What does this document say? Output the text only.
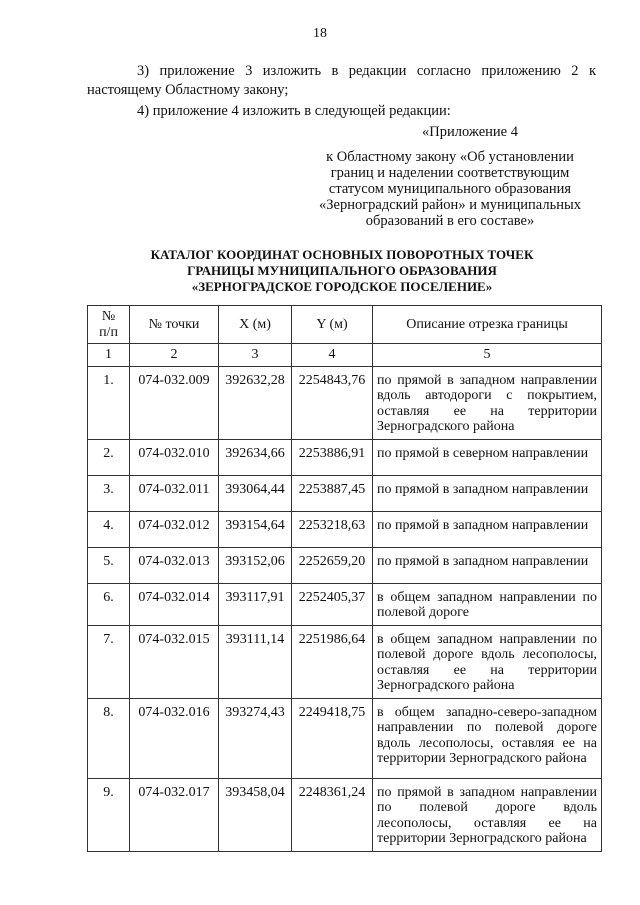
18
3) приложение 3 изложить в редакции согласно приложению 2 к настоящему Областному закону;
4) приложение 4 изложить в следующей редакции:
«Приложение 4
к Областному закону «Об установлении
границ и наделении соответствующим
статусом муниципального образования
«Зерноградский район» и муниципальных
образований в его составе»
КАТАЛОГ КООРДИНАТ ОСНОВНЫХ ПОВОРОТНЫХ ТОЧЕК
ГРАНИЦЫ МУНИЦИПАЛЬНОГО ОБРАЗОВАНИЯ
«ЗЕРНОГРАДСКОЕ ГОРОДСКОЕ ПОСЕЛЕНИЕ»
№
п/п	№ точки	X (м)	Y (м)	Описание отрезка границы
1	2	3	4	5
1.	074-032.009	392632,28	2254843,76	по прямой в западном направлении вдоль автодороги с покрытием, оставляя ее на территории Зерноградского района
2.	074-032.010	392634,66	2253886,91	по прямой в северном направлении
3.	074-032.011	393064,44	2253887,45	по прямой в западном направлении
4.	074-032.012	393154,64	2253218,63	по прямой в западном направлении
5.	074-032.013	393152,06	2252659,20	по прямой в западном направлении
6.	074-032.014	393117,91	2252405,37	в общем западном направлении по полевой дороге
7.	074-032.015	393111,14	2251986,64	в общем западном направлении по полевой дороге вдоль лесополосы, оставляя ее на территории Зерноградского района
8.	074-032.016	393274,43	2249418,75	в общем западно-северо-западном направлении по полевой дороге вдоль лесополосы, оставляя ее на территории Зерноградского района
9.	074-032.017	393458,04	2248361,24	по прямой в западном направлении по полевой дороге вдоль лесополосы, оставляя ее на территории Зерноградского района
